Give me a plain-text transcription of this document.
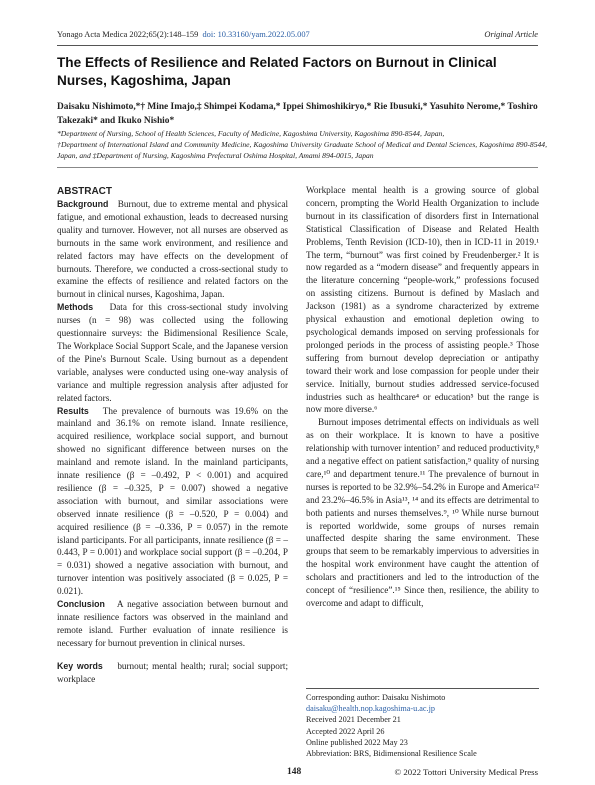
Yonago Acta Medica 2022;65(2):148–159 doi: 10.33160/yam.2022.05.007	Original Article
The Effects of Resilience and Related Factors on Burnout in Clinical Nurses, Kagoshima, Japan
Daisaku Nishimoto,*† Mine Imajo,‡ Shimpei Kodama,* Ippei Shimoshikiryo,* Rie Ibusuki,* Yasuhito Nerome,* Toshiro Takezaki* and Ikuko Nishio*
*Department of Nursing, School of Health Sciences, Faculty of Medicine, Kagoshima University, Kagoshima 890-8544, Japan,
†Department of International Island and Community Medicine, Kagoshima University Graduate School of Medical and Dental Sciences, Kagoshima 890-8544, Japan, and ‡Department of Nursing, Kagoshima Prefectural Oshima Hospital, Amami 894-0015, Japan

ABSTRACT

Background Burnout, due to extreme mental and physical fatigue, and emotional exhaustion, leads to decreased nursing quality and turnover. However, not all nurses are observed as burnouts in the same work environment, and resilience and related factors may have effects on the development of burnouts. Therefore, we conducted a cross-sectional study to examine the effects of resilience and related factors on the burnout in clinical nurses, Kagoshima, Japan.

Methods Data for this cross-sectional study involving nurses (n = 98) was collected using the following questionnaire surveys: the Bidimensional Resilience Scale, The Workplace Social Support Scale, and the Japanese version of the Pine's Burnout Scale. Using burnout as a dependent variable, analyses were conducted using one-way analysis of variance and multiple regression analysis after adjusted for related factors.

Results The prevalence of burnouts was 19.6% on the mainland and 36.1% on remote island. Innate resilience, acquired resilience, workplace social support, and burnout showed no significant difference between nurses on the mainland and remote island. In the mainland participants, innate resilience (β = –0.492, P < 0.001) and acquired resilience (β = –0.325, P = 0.007) showed a negative association with burnout, and similar associations were observed innate resilience (β = –0.520, P = 0.004) and acquired resilience (β = –0.336, P = 0.057) in the remote island participants. For all participants, innate resilience (β = –0.443, P = 0.001) and workplace social support (β = –0.204, P = 0.031) showed a negative association with burnout, and turnover intention was positively associated (β = 0.025, P = 0.021).

Conclusion A negative association between burnout and innate resilience factors was observed in the mainland and remote island. Further evaluation of innate resilience is necessary for burnout prevention in clinical nurses.

Key words burnout; mental health; rural; social support; workplace

Workplace mental health is a growing source of global concern, prompting the World Health Organization to include burnout in its classification of disorders first in International Statistical Classification of Disease and Related Health Problems, Tenth Revision (ICD-10), then in ICD-11 in 2019.¹ The term, “burnout” was first coined by Freudenberger.² It is now regarded as a “modern disease” and frequently appears in the literature concerning “people-work,” professions focused on assisting citizens. Burnout is defined by Maslach and Jackson (1981) as a syndrome characterized by extreme physical exhaustion and emotional depletion owing to psychological demands imposed on serving professionals for prolonged periods in the process of assisting people.³ Those suffering from burnout develop depreciation or antipathy toward their work and lose compassion for people under their service. Initially, burnout studies addressed service-focused industries such as healthcare⁴ or education⁵ but the range is now more diverse.⁶

Burnout imposes detrimental effects on individuals as well as on their workplace. It is known to have a positive relationship with turnover intention⁷ and reduced productivity,⁸ and a negative effect on patient satisfaction,⁹ quality of nursing care,¹⁰ and department tenure.¹¹ The prevalence of burnout in nurses is reported to be 32.9%–54.2% in Europe and America¹² and 23.2%–46.5% in Asia¹³, ¹⁴ and its effects are detrimental to both patients and nurses themselves.⁹, ¹⁰ While nurse burnout is reported worldwide, some groups of nurses remain unaffected despite sharing the same environment. These groups that seem to be remarkably impervious to adversities in the hospital work environment have caught the attention of scholars and practitioners and led to the introduction of the concept of “resilience”.¹⁵ Since then, resilience, the ability to overcome and adapt to difficult,

Corresponding author: Daisaku Nishimoto
daisaku@health.nop.kagoshima-u.ac.jp
Received 2021 December 21
Accepted 2022 April 26
Online published 2022 May 23
Abbreviation: BRS, Bidimensional Resilience Scale
148	© 2022 Tottori University Medical Press
